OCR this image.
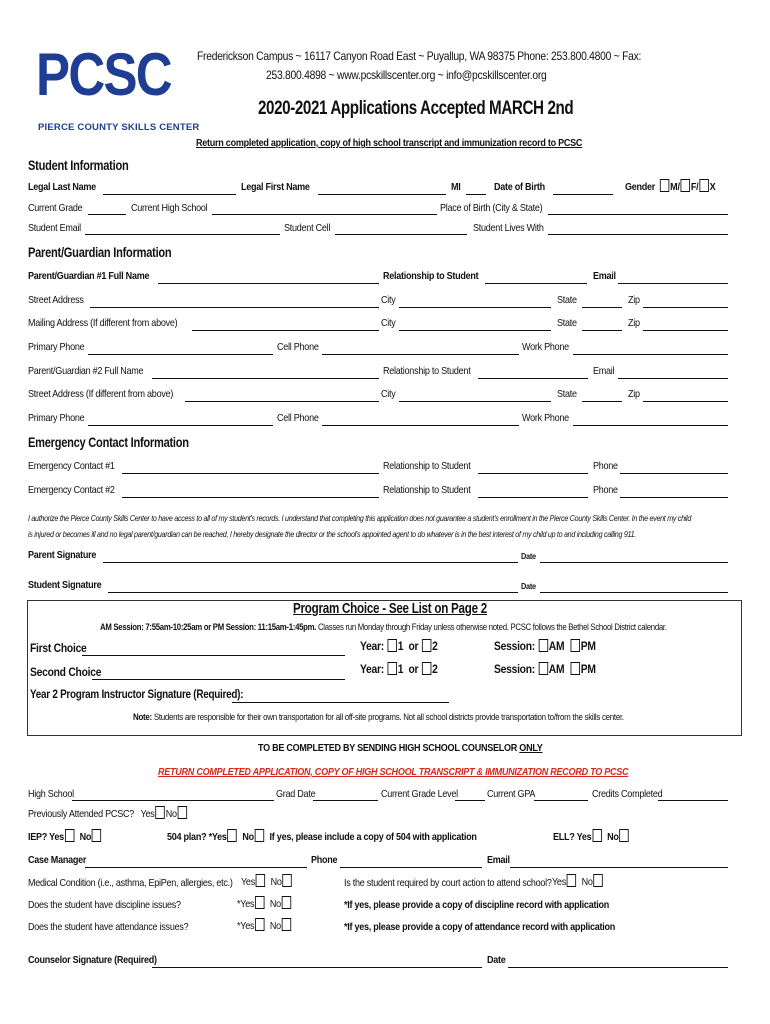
PCSC
PIERCE COUNTY SKILLS CENTER
Frederickson Campus ~ 16117 Canyon Road East ~ Puyallup, WA 98375 Phone: 253.800.4800 ~ Fax:
253.800.4898 ~ www.pcskillscenter.org ~ info@pcskillscenter.org
2020-2021 Applications Accepted MARCH 2nd
Return completed application, copy of high school transcript and immunization record to PCSC
Student Information
Legal Last Name	Legal First Name	MI	Date of Birth	Gender	M/ F/ X
Current Grade	Current High School	Place of Birth (City & State)
Student Email	Student Cell	Student Lives With
Parent/Guardian Information
Parent/Guardian #1 Full Name	Relationship to Student	Email
Street Address	City	State	Zip
Mailing Address (If different from above)	City	State	Zip
Primary Phone	Cell Phone	Work Phone
Parent/Guardian #2 Full Name	Relationship to Student	Email
Street Address (If different from above)	City	State	Zip
Primary Phone	Cell Phone	Work Phone
Emergency Contact Information
Emergency Contact #1	Relationship to Student	Phone
Emergency Contact #2	Relationship to Student	Phone
I authorize the Pierce County Skills Center to have access to all of my student's records. I understand that completing this application does not guarantee a student's enrollment in the Pierce County Skills Center. In the event my child
is injured or becomes ill and no legal parent/guardian can be reached, I hereby designate the director or the school's appointed agent to do whatever is in the best interest of my child up to and including calling 911.
Parent Signature	Date
Student Signature	Date
Program Choice - See List on Page 2
AM Session: 7:55am-10:25am or PM Session: 11:15am-1:45pm. Classes run Monday through Friday unless otherwise noted. PCSC follows the Bethel School District calendar.
First Choice	Year: 1 or 2	Session: AM PM
Second Choice	Year: 1 or 2	Session: AM PM
Year 2 Program Instructor Signature (Required):
Note: Students are responsible for their own transportation for all off-site programs. Not all school districts provide transportation to/from the skills center.
TO BE COMPLETED BY SENDING HIGH SCHOOL COUNSELOR ONLY
RETURN COMPLETED APPLICATION, COPY OF HIGH SCHOOL TRANSCRIPT & IMMUNIZATION RECORD TO PCSC
High School	Grad Date	Current Grade Level	Current GPA	Credits Completed
Previously Attended PCSC? Yes No
IEP? Yes No	504 plan? *Yes No If yes, please include a copy of 504 with application	ELL? Yes No
Case Manager	Phone	Email
Medical Condition (i.e., asthma, EpiPen, allergies, etc.) Yes No	Is the student required by court action to attend school? Yes No
Does the student have discipline issues?	*Yes No	*If yes, please provide a copy of discipline record with application
Does the student have attendance issues?	*Yes No	*If yes, please provide a copy of attendance record with application
Counselor Signature (Required)	Date
